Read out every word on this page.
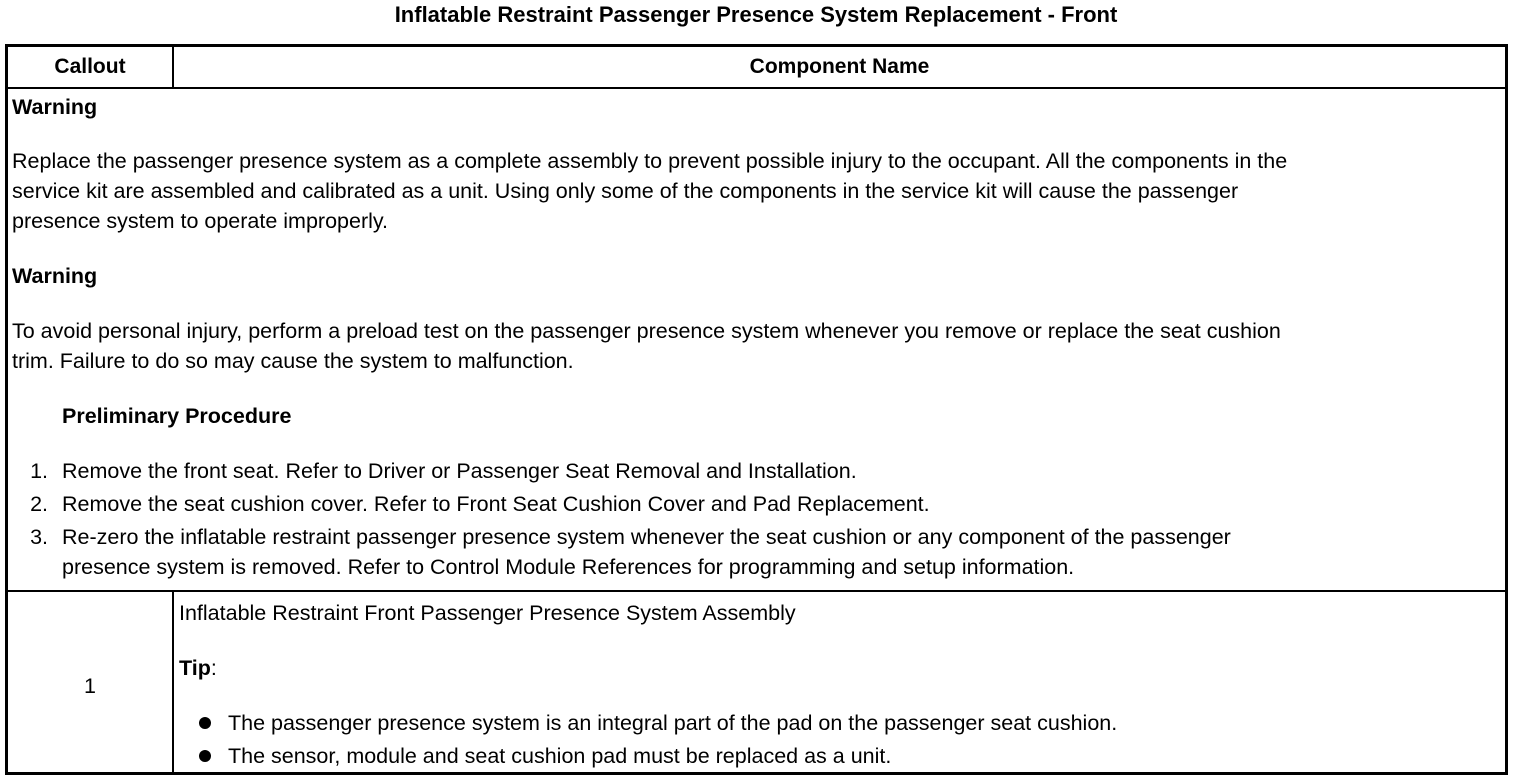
Inflatable Restraint Passenger Presence System Replacement - Front
Callout	Component Name
Warning
Replace the passenger presence system as a complete assembly to prevent possible injury to the occupant. All the components in the
service kit are assembled and calibrated as a unit. Using only some of the components in the service kit will cause the passenger
presence system to operate improperly.
Warning
To avoid personal injury, perform a preload test on the passenger presence system whenever you remove or replace the seat cushion
trim. Failure to do so may cause the system to malfunction.
Preliminary Procedure
1. Remove the front seat. Refer to Driver or Passenger Seat Removal and Installation.
2. Remove the seat cushion cover. Refer to Front Seat Cushion Cover and Pad Replacement.
3. Re-zero the inflatable restraint passenger presence system whenever the seat cushion or any component of the passenger
presence system is removed. Refer to Control Module References for programming and setup information.
1
Inflatable Restraint Front Passenger Presence System Assembly
Tip:
The passenger presence system is an integral part of the pad on the passenger seat cushion.
The sensor, module and seat cushion pad must be replaced as a unit.
